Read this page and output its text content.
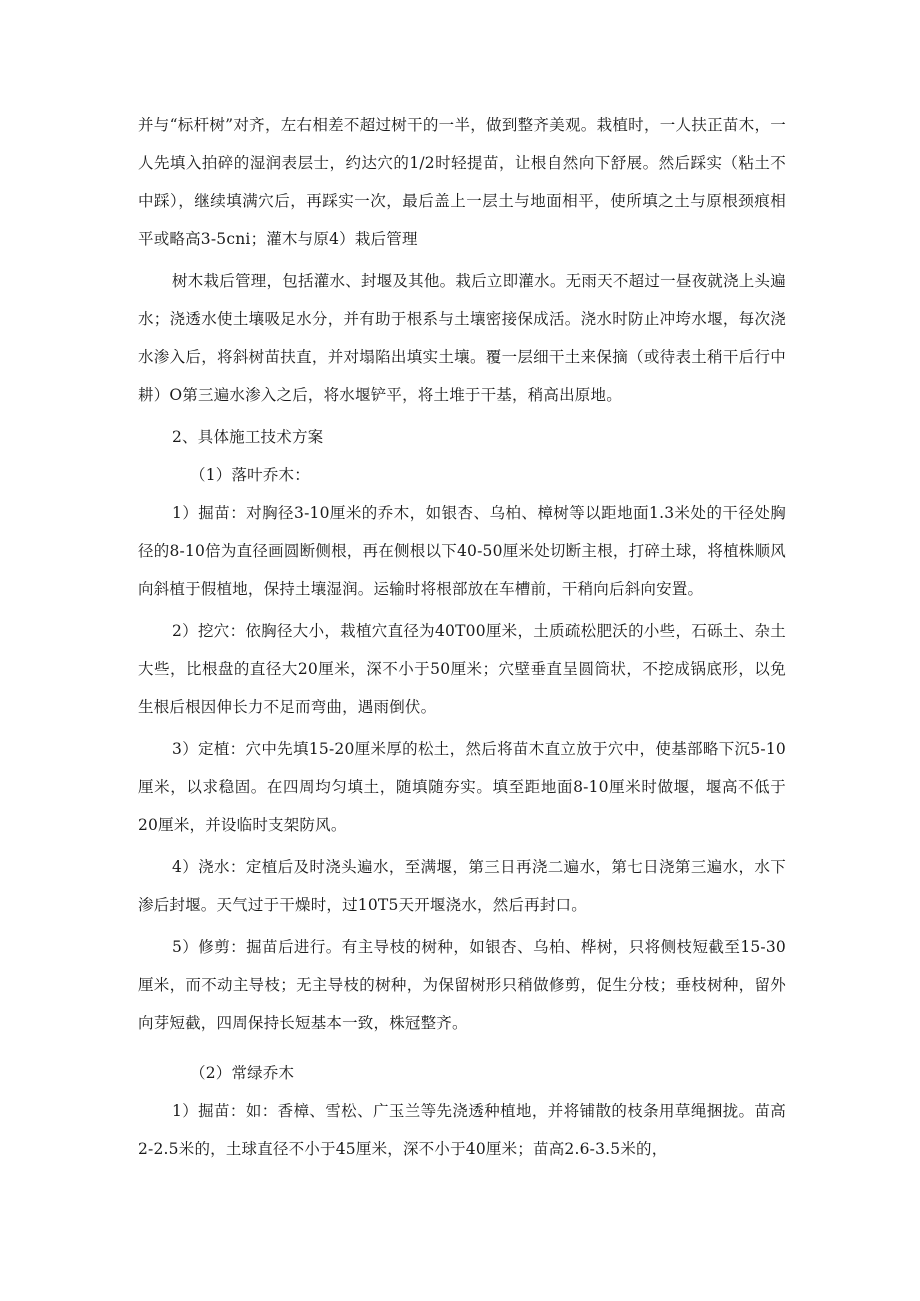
并与“标杆树”对齐，左右相差不超过树干的一半，做到整齐美观。栽植时，一人扶正苗木，一人先填入拍碎的湿润表层士，约达穴的1/2时轻提苗，让根自然向下舒展。然后踩实（粘土不中踩），继续填满穴后，再踩实一次，最后盖上一层土与地面相平，使所填之土与原根颈痕相平或略高3-5cni；灌木与原4）栽后管理

树木栽后管理，包括灌水、封堰及其他。栽后立即灌水。无雨天不超过一昼夜就浇上头遍水；浇透水使土壤吸足水分，并有助于根系与土壤密接保成活。浇水时防止冲垮水堰，每次浇水渗入后，将斜树苗扶直，并对塌陷出填实土壤。覆一层细干土来保摘（或待表土稍干后行中耕）O第三遍水渗入之后，将水堰铲平，将土堆于干基，稍高出原地。

2、具体施工技术方案

（1）落叶乔木：

1）掘苗：对胸径3-10厘米的乔木，如银杏、乌柏、樟树等以距地面1.3米处的干径处胸径的8-10倍为直径画圆断侧根，再在侧根以下40-50厘米处切断主根，打碎土球，将植株顺风向斜植于假植地，保持土壤湿润。运输时将根部放在车槽前，干稍向后斜向安置。

2）挖穴：依胸径大小，栽植穴直径为40T00厘米，土质疏松肥沃的小些，石砾土、杂土大些，比根盘的直径大20厘米，深不小于50厘米；穴壁垂直呈圆筒状，不挖成锅底形，以免生根后根因伸长力不足而弯曲，遇雨倒伏。

3）定植：穴中先填15-20厘米厚的松土，然后将苗木直立放于穴中，使基部略下沉5-10厘米，以求稳固。在四周均匀填土，随填随夯实。填至距地面8-10厘米时做堰，堰高不低于20厘米，并设临时支架防风。

4）浇水：定植后及时浇头遍水，至满堰，第三日再浇二遍水，第七日浇第三遍水，水下渗后封堰。天气过于干燥时，过10T5天开堰浇水，然后再封口。

5）修剪：掘苗后进行。有主导枝的树种，如银杏、乌柏、桦树，只将侧枝短截至15-30厘米，而不动主导枝；无主导枝的树种，为保留树形只稍做修剪，促生分枝；垂枝树种，留外向芽短截，四周保持长短基本一致，株冠整齐。

（2）常绿乔木

1）掘苗：如：香樟、雪松、广玉兰等先浇透种植地，并将铺散的枝条用草绳捆拢。苗高2-2.5米的，土球直径不小于45厘米，深不小于40厘米；苗高2.6-3.5米的，
